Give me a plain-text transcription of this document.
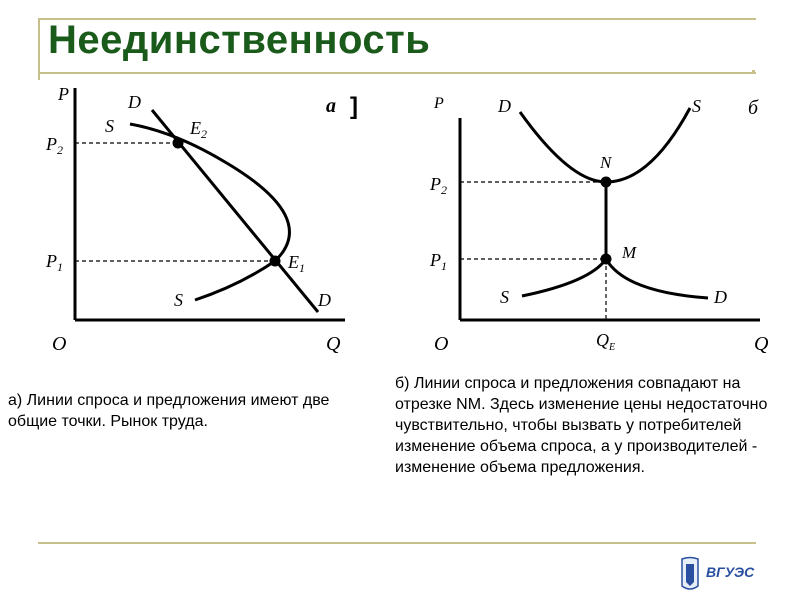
Неединственность
P
O	Q
$P_2$
$P_1$
D
S	$E_2$
$E_1$
S	D
а ]	P
O	Q
$P_2$
$P_1$
$Q_E$
D	S
N
M
S	D
б
а) Линии спроса и предложения имеют две общие точки. Рынок труда.
б) Линии спроса и предложения совпадают на отрезке NM. Здесь изменение цены недостаточно чувствительно, чтобы вызвать у потребителей изменение объема спроса, а у производителей - изменение объема предложения.
ВГУЭС
